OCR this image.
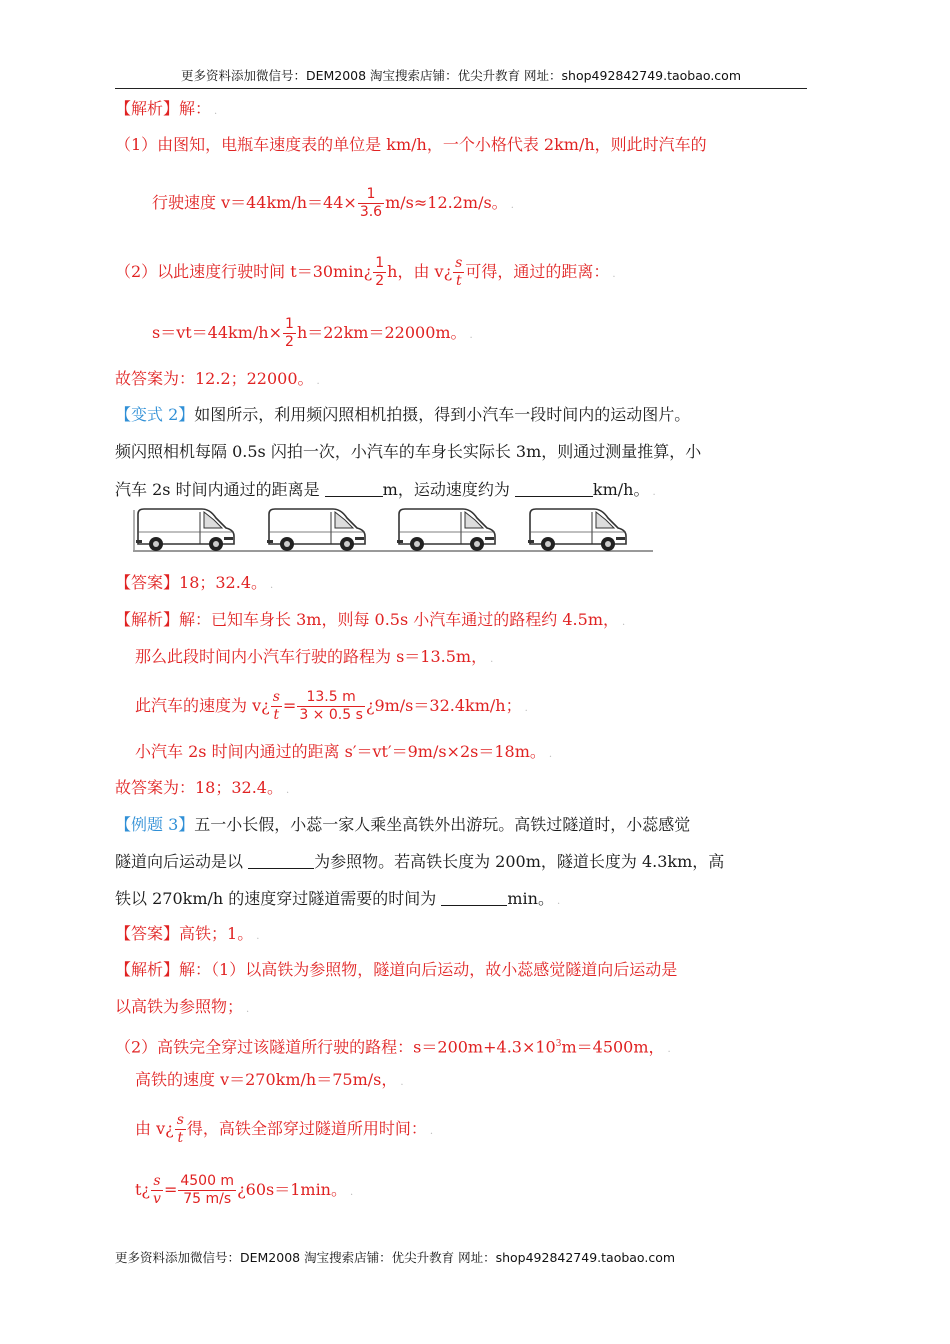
更多资料添加微信号：DEM2008 淘宝搜索店铺：优尖升教育 网址：shop492842749.taobao.com
【解析】解： .
（1）由图知，电瓶车速度表的单位是 km/h，一个小格代表 2km/h，则此时汽车的
行驶速度 $v=44km/h=44\times \frac{1}{3.6} m/s\approx 12.2m/s$。 .
（2）以此速度行驶时间 t＝30min¿ $\frac{1}{2}$ h，由 v¿ $\frac{s}{t}$ 可得，通过的距离： .
$s=vt=44km/h\times \frac{1}{2} h=22km=22000m$。 .
故答案为：12.2；22000。 .
【变式 2】如图所示，利用频闪照相机拍摄，得到小汽车一段时间内的运动图片。
频闪照相机每隔 0.5s 闪拍一次，小汽车的车身长实际长 3m，则通过测量推算，小
汽车 2s 时间内通过的距离是	m，运动速度约为	km/h。 .
【答案】18；32.4。 .
【解析】解：已知车身长 3m，则每 0.5s 小汽车通过的路程约 4.5m， .
那么此段时间内小汽车行驶的路程为 s＝13.5m， .
此汽车的速度为 v¿ $\frac{s}{t} = \frac{13.5 m}{3 \times 0.5 s}$ ¿9m/s＝32.4km/h； .
小汽车 2s 时间内通过的距离 s′＝vt′＝9m/s×2s＝18m。 .
故答案为：18；32.4。 .
【例题 3】五一小长假，小蕊一家人乘坐高铁外出游玩。高铁过隧道时，小蕊感觉
隧道向后运动是以	为参照物。若高铁长度为 200m，隧道长度为 4.3km，高
铁以 270km/h 的速度穿过隧道需要的时间为	min。 .
【答案】高铁；1。 .
【解析】解：（1）以高铁为参照物，隧道向后运动，故小蕊感觉隧道向后运动是
以高铁为参照物； .
（2）高铁完全穿过该隧道所行驶的路程：$s=200m+4.3\times 10^3m=4500m$， .
高铁的速度 v＝270km/h＝75m/s， .
由 v¿ $\frac{s}{t}$ 得，高铁全部穿过隧道所用时间： .
t¿ $\frac{s}{v} = \frac{4500 m}{75 m/s}$ ¿60s＝1min。 .
更多资料添加微信号：DEM2008 淘宝搜索店铺：优尖升教育 网址：shop492842749.taobao.com
